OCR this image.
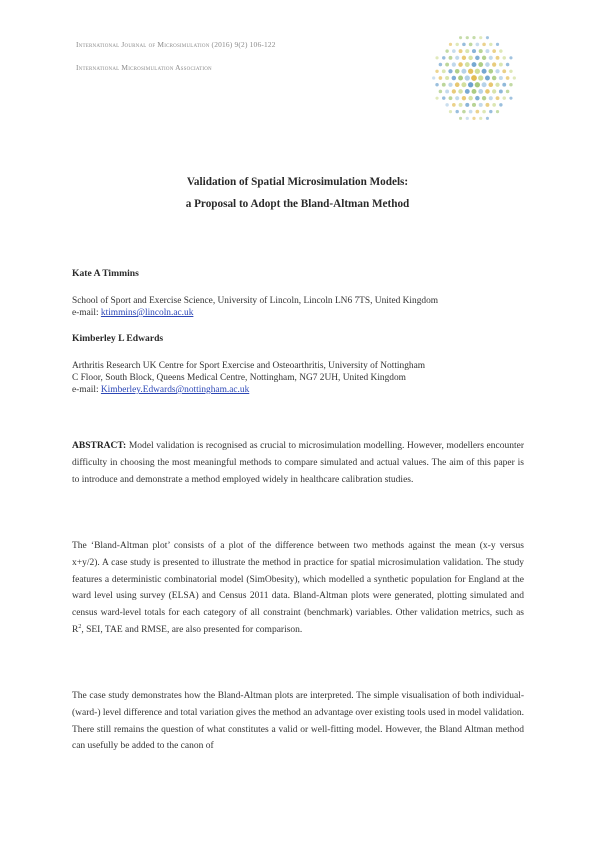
International Journal of Microsimulation (2016) 9(2) 106-122
International Microsimulation Association
Validation of Spatial Microsimulation Models:
a Proposal to Adopt the Bland-Altman Method
Kate A Timmins
School of Sport and Exercise Science, University of Lincoln, Lincoln LN6 7TS, United Kingdom
e-mail: ktimmins@lincoln.ac.uk
Kimberley L Edwards
Arthritis Research UK Centre for Sport Exercise and Osteoarthritis, University of Nottingham
C Floor, South Block, Queens Medical Centre, Nottingham, NG7 2UH, United Kingdom
e-mail: Kimberley.Edwards@nottingham.ac.uk
ABSTRACT: Model validation is recognised as crucial to microsimulation modelling. However, modellers encounter difficulty in choosing the most meaningful methods to compare simulated and actual values. The aim of this paper is to introduce and demonstrate a method employed widely in healthcare calibration studies.
The ‘Bland-Altman plot’ consists of a plot of the difference between two methods against the mean (x-y versus x+y/2). A case study is presented to illustrate the method in practice for spatial microsimulation validation. The study features a deterministic combinatorial model (SimObesity), which modelled a synthetic population for England at the ward level using survey (ELSA) and Census 2011 data. Bland-Altman plots were generated, plotting simulated and census ward-level totals for each category of all constraint (benchmark) variables. Other validation metrics, such as $R^2$, SEI, TAE and RMSE, are also presented for comparison.
The case study demonstrates how the Bland-Altman plots are interpreted. The simple visualisation of both individual- (ward-) level difference and total variation gives the method an advantage over existing tools used in model validation. There still remains the question of what constitutes a valid or well-fitting model. However, the Bland Altman method can usefully be added to the canon of
